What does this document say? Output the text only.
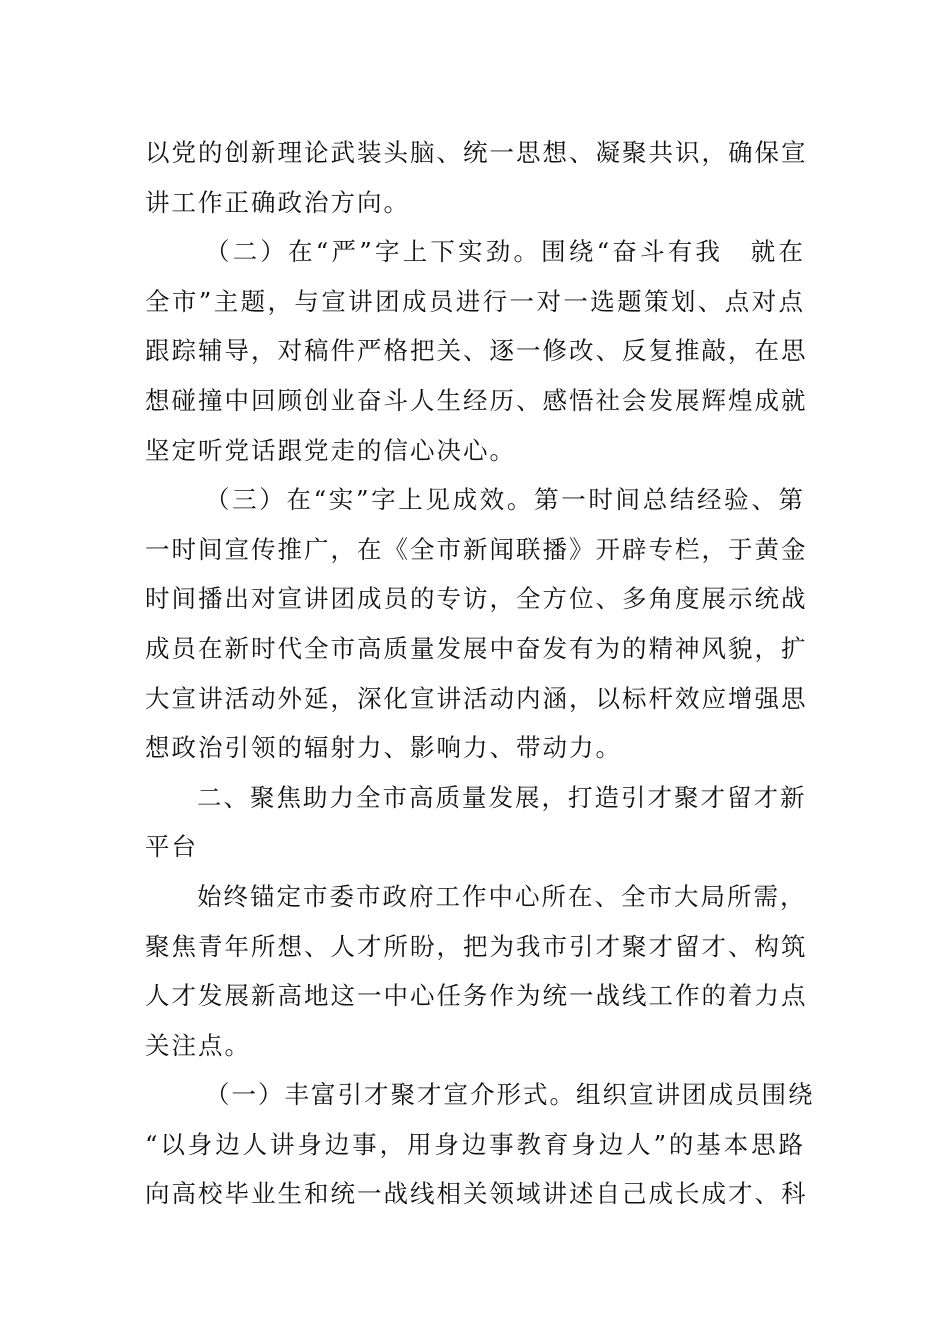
以党的创新理论武装头脑、统一思想、凝聚共识，确保宣
讲工作正确政治方向。
（二）在“严”字上下实劲。围绕“奋斗有我　就在
全市”主题，与宣讲团成员进行一对一选题策划、点对点
跟踪辅导，对稿件严格把关、逐一修改、反复推敲，在思
想碰撞中回顾创业奋斗人生经历、感悟社会发展辉煌成就
坚定听党话跟党走的信心决心。
（三）在“实”字上见成效。第一时间总结经验、第
一时间宣传推广，在《全市新闻联播》开辟专栏，于黄金
时间播出对宣讲团成员的专访，全方位、多角度展示统战
成员在新时代全市高质量发展中奋发有为的精神风貌，扩
大宣讲活动外延，深化宣讲活动内涵，以标杆效应增强思
想政治引领的辐射力、影响力、带动力。
二、聚焦助力全市高质量发展，打造引才聚才留才新
平台
始终锚定市委市政府工作中心所在、全市大局所需，
聚焦青年所想、人才所盼，把为我市引才聚才留才、构筑
人才发展新高地这一中心任务作为统一战线工作的着力点
关注点。
（一）丰富引才聚才宣介形式。组织宣讲团成员围绕
“以身边人讲身边事，用身边事教育身边人”的基本思路
向高校毕业生和统一战线相关领域讲述自己成长成才、科
